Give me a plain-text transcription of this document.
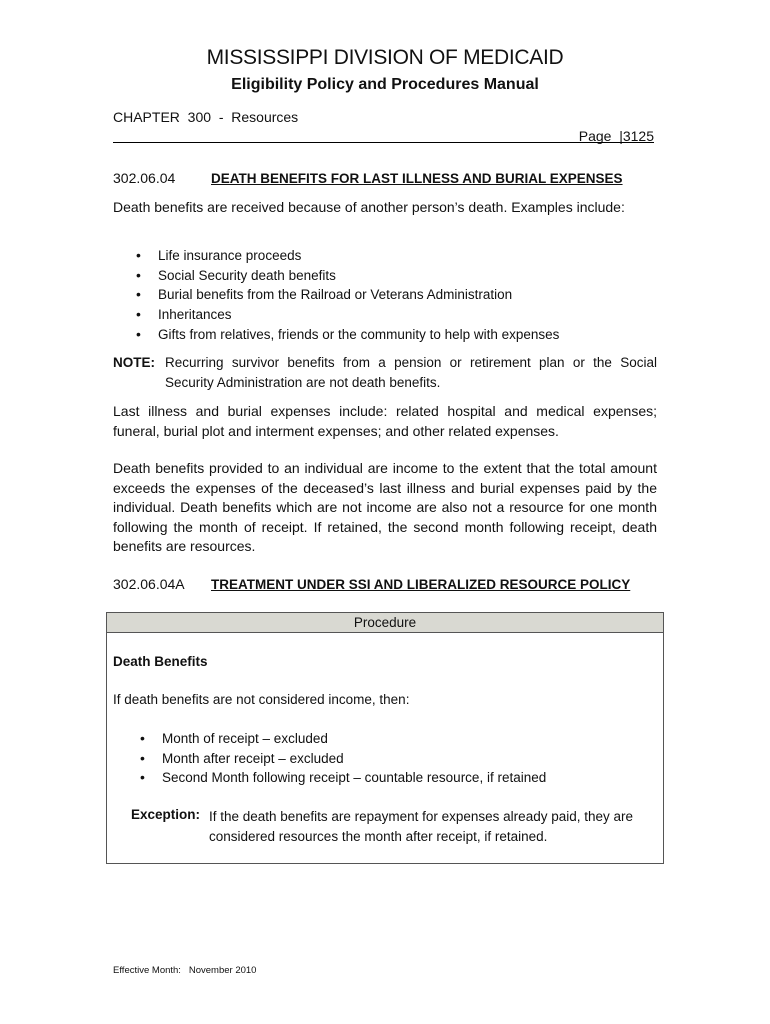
MISSISSIPPI DIVISION OF MEDICAID
Eligibility Policy and Procedures Manual
CHAPTER  300  -  Resources
Page  |3125
302.06.04	DEATH BENEFITS FOR LAST ILLNESS AND BURIAL EXPENSES
Death benefits are received because of another person’s death. Examples include:
• Life insurance proceeds
• Social Security death benefits
• Burial benefits from the Railroad or Veterans Administration
• Inheritances
• Gifts from relatives, friends or the community to help with expenses
NOTE: Recurring survivor benefits from a pension or retirement plan or the Social Security Administration are not death benefits.
Last illness and burial expenses include: related hospital and medical expenses; funeral, burial plot and interment expenses; and other related expenses.
Death benefits provided to an individual are income to the extent that the total amount exceeds the expenses of the deceased’s last illness and burial expenses paid by the individual. Death benefits which are not income are also not a resource for one month following the month of receipt. If retained, the second month following receipt, death benefits are resources.
302.06.04A TREATMENT UNDER SSI AND LIBERALIZED RESOURCE POLICY
Procedure
Death Benefits
If death benefits are not considered income, then:
• Month of receipt – excluded
• Month after receipt – excluded
• Second Month following receipt – countable resource, if retained
Exception: If the death benefits are repayment for expenses already paid, they are considered resources the month after receipt, if retained.
Effective Month:   November 2010
